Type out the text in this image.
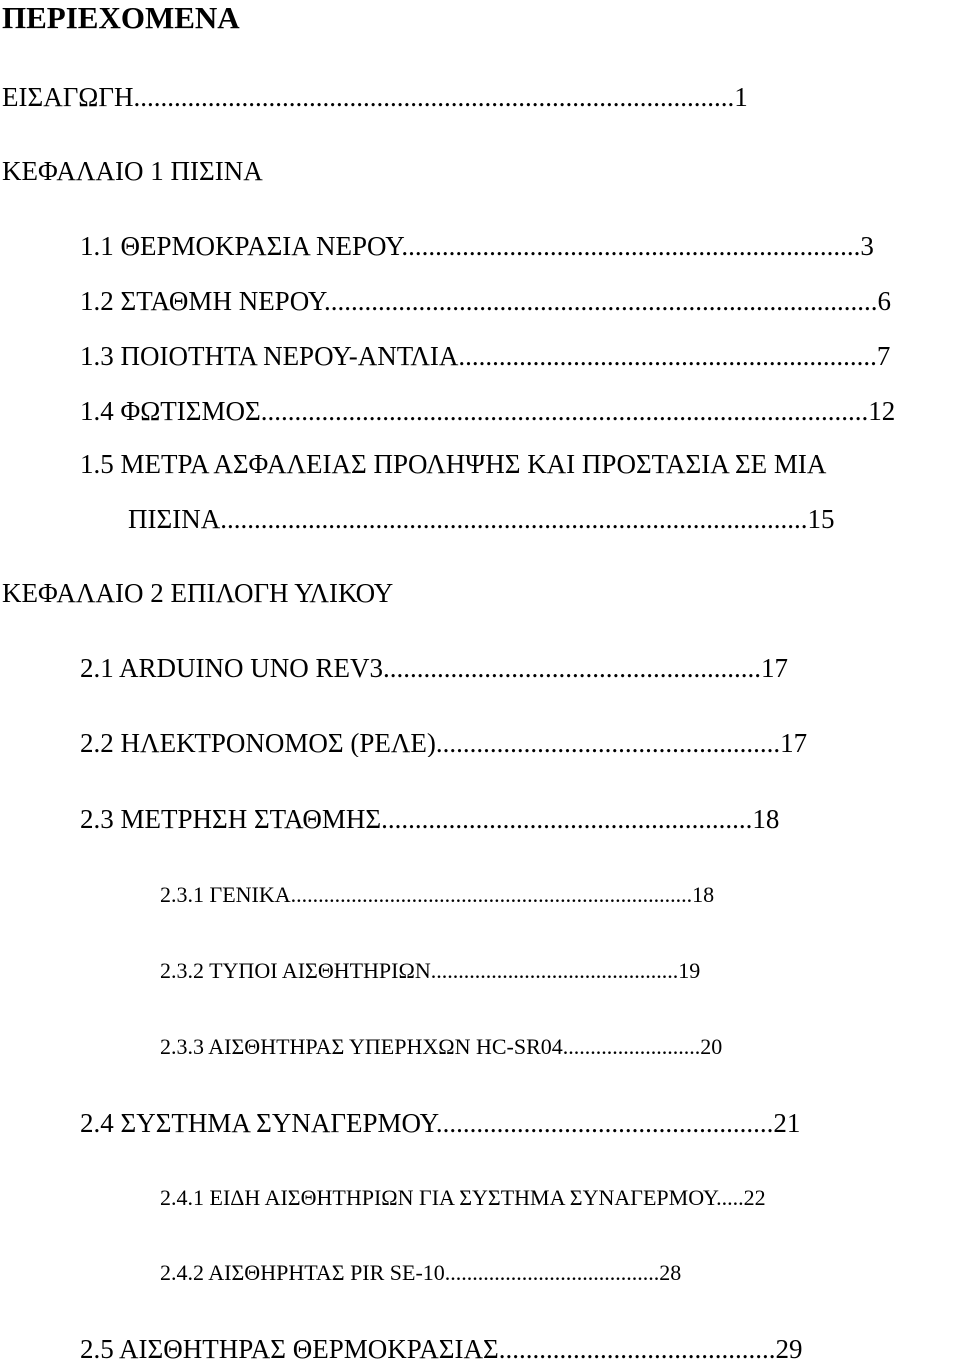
ΠΕΡΙΕΧΟΜΕΝΑ
ΕΙΣΑΓΩΓΗ.........................................................................................1
ΚΕΦΑΛΑΙΟ 1 ΠΙΣΙΝΑ
1.1 ΘΕΡΜΟΚΡΑΣΙΑ ΝΕΡΟΥ....................................................................3
1.2 ΣΤΑΘΜΗ ΝΕΡΟΥ..................................................................................6
1.3 ΠΟΙΟΤΗΤΑ ΝΕΡΟΥ-ΑΝΤΛΙΑ..............................................................7
1.4 ΦΩΤΙΣΜΟΣ..........................................................................................12
1.5 ΜΕΤΡΑ ΑΣΦΑΛΕΙΑΣ ΠΡΟΛΗΨΗΣ ΚΑΙ ΠΡΟΣΤΑΣΙΑ ΣΕ ΜΙΑ
ΠΙΣΙΝΑ.......................................................................................15
ΚΕΦΑΛΑΙΟ 2 ΕΠΙΛΟΓΗ ΥΛΙΚΟΥ
2.1 ARDUINO UNO REV3........................................................17
2.2 ΗΛΕΚΤΡΟΝΟΜΟΣ (ΡΕΛΕ)...................................................17
2.3 ΜΕΤΡΗΣΗ ΣΤΑΘΜΗΣ.......................................................18
2.3.1 ΓΕΝΙΚΑ.........................................................................18
2.3.2 ΤΥΠΟΙ ΑΙΣΘΗΤΗΡΙΩΝ.............................................19
2.3.3 ΑΙΣΘΗΤΗΡΑΣ ΥΠΕΡΗΧΩΝ HC-SR04.........................20
2.4 ΣΥΣΤΗΜΑ ΣΥΝΑΓΕΡΜΟΥ..................................................21
2.4.1 ΕΙΔΗ ΑΙΣΘΗΤΗΡΙΩΝ ΓΙΑ ΣΥΣΤΗΜΑ ΣΥΝΑΓΕΡΜΟΥ.....22
2.4.2 ΑΙΣΘΗΡΗΤΑΣ PIR SE-10.......................................28
2.5 ΑΙΣΘΗΤΗΡΑΣ ΘΕΡΜΟΚΡΑΣΙΑΣ.........................................29
